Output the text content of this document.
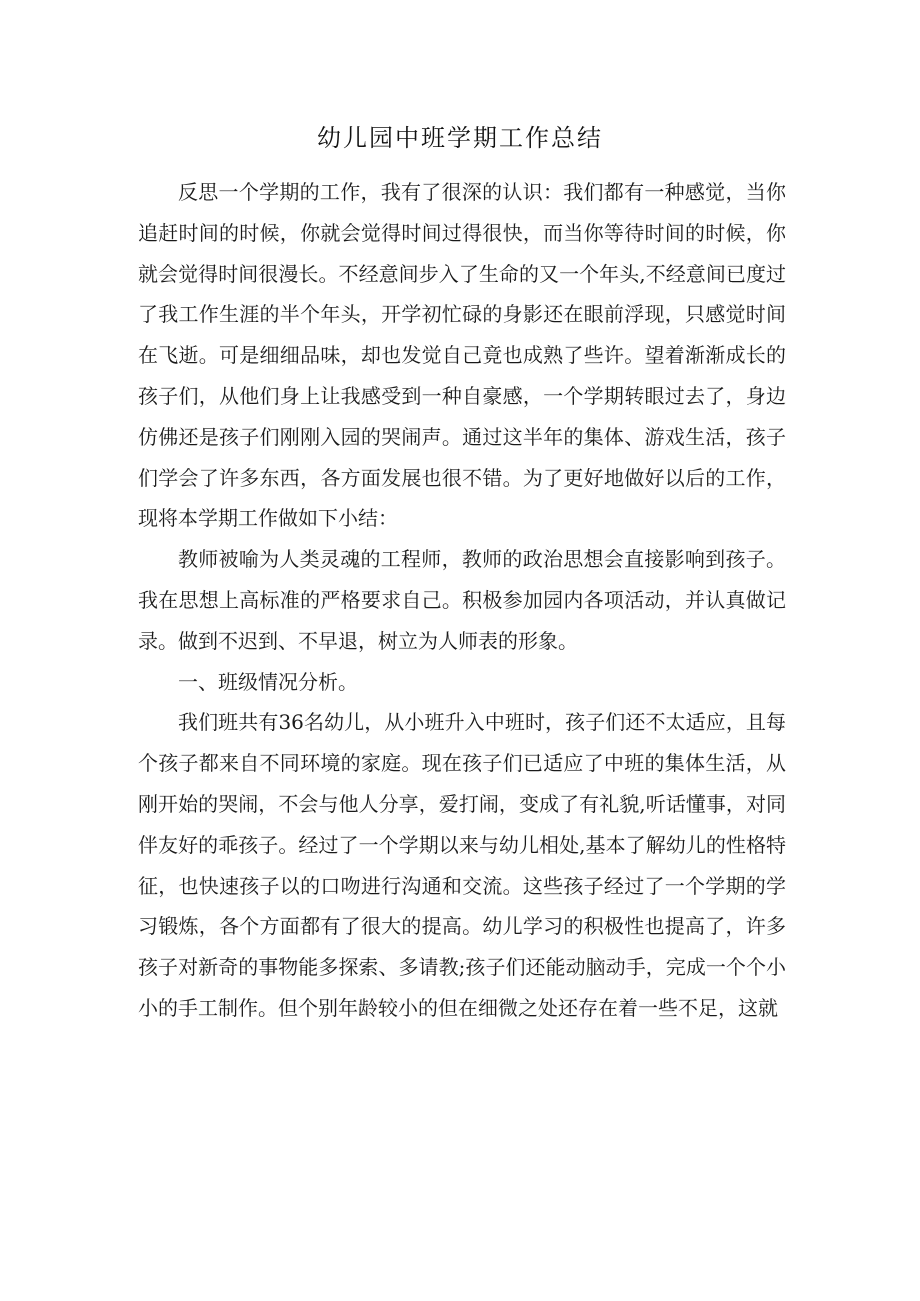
幼儿园中班学期工作总结

反思一个学期的工作，我有了很深的认识：我们都有一种感觉，当你追赶时间的时候，你就会觉得时间过得很快，而当你等待时间的时候，你就会觉得时间很漫长。不经意间步入了生命的又一个年头,不经意间已度过了我工作生涯的半个年头，开学初忙碌的身影还在眼前浮现，只感觉时间在飞逝。可是细细品味，却也发觉自己竟也成熟了些许。望着渐渐成长的孩子们，从他们身上让我感受到一种自豪感，一个学期转眼过去了，身边仿佛还是孩子们刚刚入园的哭闹声。通过这半年的集体、游戏生活，孩子们学会了许多东西，各方面发展也很不错。为了更好地做好以后的工作，现将本学期工作做如下小结：

教师被喻为人类灵魂的工程师，教师的政治思想会直接影响到孩子。我在思想上高标准的严格要求自己。积极参加园内各项活动，并认真做记录。做到不迟到、不早退，树立为人师表的形象。

一、班级情况分析。

我们班共有36名幼儿，从小班升入中班时，孩子们还不太适应，且每个孩子都来自不同环境的家庭。现在孩子们已适应了中班的集体生活，从刚开始的哭闹，不会与他人分享，爱打闹，变成了有礼貌,听话懂事，对同伴友好的乖孩子。经过了一个学期以来与幼儿相处,基本了解幼儿的性格特征，也快速孩子以的口吻进行沟通和交流。这些孩子经过了一个学期的学习锻炼，各个方面都有了很大的提高。幼儿学习的积极性也提高了，许多孩子对新奇的事物能多探索、多请教;孩子们还能动脑动手，完成一个个小小的手工制作。但个别年龄较小的但在细微之处还存在着一些不足，这就
